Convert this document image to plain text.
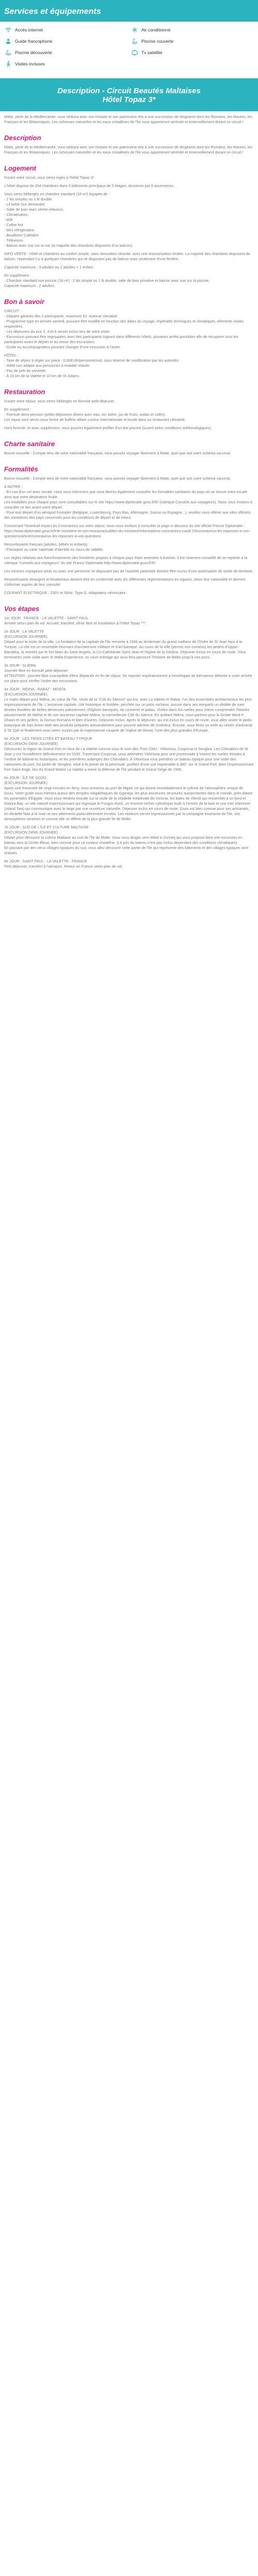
Services et équipements
Accès internet	Air conditionné
Guide francophone	Piscine couverte
Piscine découverte	Tv satellite
Visites incluses
Description - Circuit Beautés Maltaises
Hôtel Topaz 3*

Malte, perle de la Méditerranée, vous séduira avec son histoire et son patrimoine tels à une succession de dirigeants dont les Romains, les Maures, les Français et les Britanniques. Les richesses naturelles et les eaux cristallines de l'île vous apporteront sérénité et émerveillement durant ce circuit !

Description

Malte, perle de la Méditerranée, vous séduira avec son histoire et son patrimoine tels à une succession de dirigeants dont les Romains, les Maures, les Français et les Britanniques. Les richesses naturelles et les eaux cristallines de l'île vous apporteront sérénité et émerveillement durant ce circuit !

Logement

Durant votre circuit, vous serez logés à l'hôtel Topaz 3*.

L'hôtel dispose de 254 chambres dans 3 bâtiments principaux de 5 étages, desservis par 6 ascenseurs.

Vous serez hébergés en chambre standard (18 m²) équipée de :
- 2 lits simples ou 1 lit double
- Lit bébé (sur demande)
- Salle de bain avec sèche-cheveux,
- Climatisation,
- Wifi
- Coffre-fort
- Mini réfrigérateur
- Bouilloire/ Cafetière
- Télévision
- Balcon avec vue sur la rue (la majorité des chambres disposent d'un balcon).

INFO VERTE : Hôtel et chambres au confort simple, sans rénovation récente, avec une insonorisation limitée. La majorité des chambres disposent de balcon, cependant il y a quelques chambres qui ne disposent pas de balcon mais seulement d'une fenêtre.

Capacité maximum : 3 adultes ou 2 adultes + 1 enfant.

En supplément :
- Chambre standard vue piscine (18 m²) : 2 lits simple ou 1 lit double, salle de bain privative et balcon avec vue sur la piscine.
Capacité maximum : 2 adultes.

Bon à savoir

CIRCUIT :
- Départs garantis dès 2 participants, maximum 52. Autocar climatisé.
- Programme type en arrivée samedi, pouvant être modifié en fonction des dates du voyage, impératifs techniques et climatiques, éléments visites respectées.
- Les déjeuners du jour 2, 4 et 6 seront inclus lors de votre visite.
- Excursions pouvant être regroupées avec des participants logeant dans différents hôtels, plusieurs arrêts possibles afin de récupérer tous les participants avant le départ et au retour des excursions.
- Guide ou accompagnateur pouvant changer d'une excursion à l'autre.

HÔTEL :
- Taxe de séjour à régler sur place : 0,50EUR/personne/nuit, sous réserve de modification par les autorités.
- Hôtel non adapté aux personnes à mobilité réduite.
- Pas de prêt de serviette.
- À 15 km de la Valette et 10 km de St Julians.

Restauration

Durant votre séjour, vous serez hébergés en formule petit-déjeuner.

En supplément :
- Formule demi-pension (petits-déjeuners dîners avec eau, vin, bière, jus de fruits, sodas et cafés).
Les repas sont servis sous forme de buffets alliant cuisine internationale et locale dans un restaurant climatisé.

Hors formule, et avec supplément, vous pourrez également profiter d'un bar-piscine (ouvert selon conditions météorologiques).

Charte sanitaire

Bonne nouvelle : Compte tenu de votre nationalité française, vous pouvez voyager librement à Malte, quel que soit votre schéma vaccinal.

Formalités

Bonne nouvelle : Compte tenu de votre nationalité française, vous pouvez voyager librement à Malte, quel que soit votre schéma vaccinal.

A NOTER :
- En cas d'un vol avec escale, nous vous informons que vous devrez également consulter les formalités sanitaires du pays où se trouve votre escale ainsi que votre destination finale.
Les modalités pour chaque pays sont consultables sur le site https://www.diplomatie.gouv.fr/fr/ (rubrique Conseils aux voyageurs). Nous vous invitons à consulter ce lien avant votre départ.
- Pour tout départ d'un aéroport frontalier (Belgique, Luxembourg, Pays-Bas, Allemagne, Suisse ou Espagne...), veuillez vous référer aux sites officiels des ministères des pays concernés pour les conditions de départ et de retour.

Concernant l'éventuel impact du Coronavirus sur votre séjour, nous vous invitons à consulter la page ci-dessous du site officiel France Diplomatie : https://www.diplomatie.gouv.fr/fr/le-ministere-et-son-reseau/actualites-du-ministere/informations-coronavirus-covid-19/coronavirus-les-reponses-a-vos-questions/article/coronavirus-les-reponses-a-vos-questions

Ressortissants français (adultes, bébés et enfants) :
- Passeport ou carte nationale d'identité en cours de validité.

Les règles relatives aux franchissements des frontières propres à chaque pays étant amenées à évoluer, il est vivement conseillé de se reporter à la rubrique "conseils aux voyageurs" du site France Diplomatie.http://www.diplomatie.gouv.fr/fr/

Les mineurs voyageant seuls ou avec une personne ne disposant pas de l'autorité parentale doivent être munis d'une autorisation de sortie de territoire.

Ressortissants étrangers et binationaux doivent être en conformité avec les différentes réglementations en vigueur, selon leur nationalité et devront s'informer auprès de leur consulat.

COURANT ELECTRIQUE : 230V et 50Hz. Type G. Adaptateur nécessaire.

Vos étapes

1er JOUR : FRANCE - LA VALETTE - SAINT PAUL
Arrivée selon plan de vol. Accueil, transfert, dîner libre et installation à l'hôtel Topaz ***.

2e JOUR : LA VALETTE
(EXCURSION JOURNÉE)
Départ pour la visite de la ville. La fondation de la capitale de l'île remonte à 1566 au lendemain du grand malheur de l'Ordre de St Jean face à la Turquie. La cité est un ensemble étonnant d'architecture militaire et d'art baroque. Au cours de la ville (permis non contenu) les jardins d'Upper Barrakka, la montée par le fort Main du Saint-Angelo, la Co-Cathédrale Saint-Jean et l'église de la médina. Déjeuner inclus en cours de route. Vous terminerez votre visite avec le Malta Experience, un court métrage qui vous fera parcourir l'histoire de Malte jusqu'à nos jours.

3e JOUR : SLIEMA
Journée libre en formule petit déjeuner.
ATTENTION : journée libre susceptible d'être déplacée en fin de séjour. Se reporter impérativement à l'enveloppe de bienvenue délivrée à votre arrivée sur place pour vérifier l'ordre des excursions.

4e JOUR : MDINA - RABAT - MOSTA
(EXCURSION JOURNÉE)
Le matin départ pour Mdina, ou cœur de l'île. Visite de la "Cité du Silence" qui est, avec La Valette et Rabat, l'un des ensembles architecturaux les plus impressionnants de l'île. L'ancienne capitale, cité historique et fortifiée, perchée sur un piton rocheux, assure dans ses remparts un dédale de rues étroites bordées de belles demeures patriciennes, d'églises baroques, de couvents et palais. Visitez dans les ruelles pour mieux comprendre l'histoire passionnante de Mdina et de son ancienne capitale Mdina, la merveilleuse Cité du Silence. En quittant Mdina, nous partons pour la Grotte Wied il-Ghasri et ses jardins, la Domus Romana et bien d'autres. Déjeuner inclus. Après le déjeuner, qui est inclus en cours de route, vous allez visiter le jardin botanique de San Anton doté des produits préparés artisanalement pour pouvoir admirer de l'intérieur. Ensuite, vous ferez un arrêt au centre d'artisanat à Ta' Qali et finalement vous serez surpris par la majestueuse coupole de l'église de Mosta, l'une des plus grandes d'Europe.

5e JOUR : LES TROIS CITÉS ET BATEAU TYPIQUE
(EXCURSION DEMI-JOURNÉE)
Découvrez la région du Grand Port en face de La Valette connue sous le nom des Trois Cités : Vittoriosa, Cospicua et Senglea. Les Chevaliers de St Jean y ont l'installèrent définitivement en 1530. Traversant Cospicua, vous atteindrez Vittoriosa pour une promenade à travers les ruelles étroites à l'ombre de bâtiments historiques, et les premières auberges des Chevaliers. À Vittoriosa vous prendrez un bateau typique pour une visite des caissonets du port. Du jardin de Senglea, situé à la pointe de la péninsule, profitez d'une vue imprenable à 360° sur le Grand Port, dont l'impressionnant Fort Saint-Ange, lieu du Grand Maître La Valette a mené la défense de l'île pendant le Grand Siège de 1565.

6e JOUR : ÎLE DE GOZO
(EXCURSION JOURNÉE)
Après une traversée de vingt minutes en ferry, vous arriverez au port de Mgarr, ce qui donne immédiatement le rythme de l'atmosphère unique de Gozo. Votre guide vous mènera autour des temples mégalithiques de Ggantija, les plus anciennes structures autoportantes dans le monde, près datant les pyramides d'Égypte. Vous vous rendrez ensuite sur la visite de la citadelle médiévale de Victoria, les baies de Xlendi qui ressemble à un fjord et Dwejra Bay, un site naturel impressionnant qui regroupe le Fungus Rock, un énorme rocher cylindrique isolé à l'entrée de la baie et une mer intérieure (Inland Sea) qui communique avec le large par une ouverture naturelle. Déjeuner inclus en cours de route. Gozo est bien connue pour ses artisanats, en dentelle faite à la main et ses vêtements particulièrement tricotés. Les visiteurs seront impressionnés par la campagne luxuriante de l'île, ses atmosphères sereines et comme elle se diffère de la plus grande île de Malte.

7e JOUR : SUD DE L'ÎLE ET CULTURE MALTAISE
(EXCURSION DEMI-JOURNÉE)
Départ pour découvrir la culture Maltaise au sud de l'île de Malte. Vous vous dirigez vers Wied iz-Zurrieq qui vous propose faire une excursion en bateau vers la Grotte Bleue, bien connue pour sa couleur cristalline. (Le prix du bateau n'est pas inclus dépendant des conditions climatiques).
En passant par des vieux villages typiques du sud, vous allez découvrir cette partie de l'île qui représente des bâtiments et des villages typiques sont réalisés.

8e JOUR : SAINT PAUL - LA VALETTE - FRANCE
Petit déjeuner, transfert à l'aéroport. Retour en France selon plan de vol.
